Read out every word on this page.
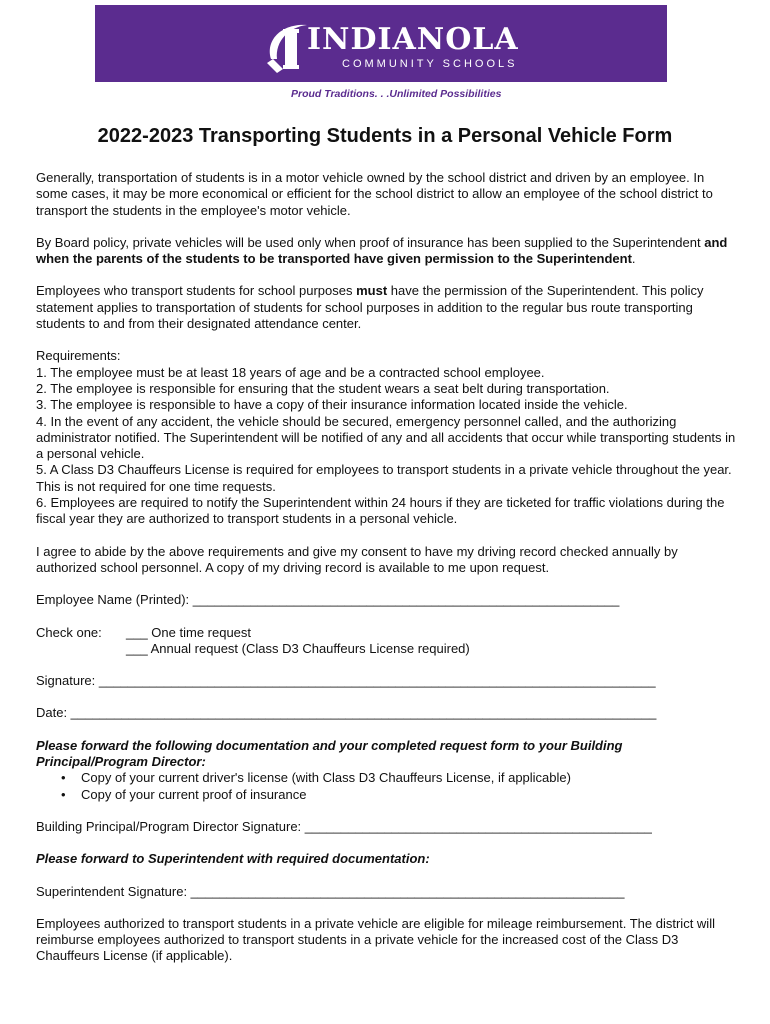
INDIANOLA
COMMUNITY SCHOOLS
Proud Traditions. . .Unlimited Possibilities
2022-2023 Transporting Students in a Personal Vehicle Form

Generally, transportation of students is in a motor vehicle owned by the school district and driven by an employee. In some cases, it may be more economical or efficient for the school district to allow an employee of the school district to transport the students in the employee's motor vehicle.

By Board policy, private vehicles will be used only when proof of insurance has been supplied to the Superintendent and when the parents of the students to be transported have given permission to the Superintendent.

Employees who transport students for school purposes must have the permission of the Superintendent. This policy statement applies to transportation of students for school purposes in addition to the regular bus route transporting students to and from their designated attendance center.

Requirements:
1. The employee must be at least 18 years of age and be a contracted school employee.
2. The employee is responsible for ensuring that the student wears a seat belt during transportation.
3. The employee is responsible to have a copy of their insurance information located inside the vehicle.
4. In the event of any accident, the vehicle should be secured, emergency personnel called, and the authorizing administrator notified. The Superintendent will be notified of any and all accidents that occur while transporting students in a personal vehicle.
5. A Class D3 Chauffeurs License is required for employees to transport students in a private vehicle throughout the year. This is not required for one time requests.
6. Employees are required to notify the Superintendent within 24 hours if they are ticketed for traffic violations during the fiscal year they are authorized to transport students in a personal vehicle.

I agree to abide by the above requirements and give my consent to have my driving record checked annually by authorized school personnel. A copy of my driving record is available to me upon request.

Employee Name (Printed): ___________________________________________________________

Check one:	___ One time request
___ Annual request (Class D3 Chauffeurs License required)

Signature: _____________________________________________________________________________

Date: _________________________________________________________________________________

Please forward the following documentation and your completed request form to your Building Principal/Program Director:
• Copy of your current driver's license (with Class D3 Chauffeurs License, if applicable)
• Copy of your current proof of insurance

Building Principal/Program Director Signature: ________________________________________________

Please forward to Superintendent with required documentation:

Superintendent Signature: ____________________________________________________________

Employees authorized to transport students in a private vehicle are eligible for mileage reimbursement. The district will reimburse employees authorized to transport students in a private vehicle for the increased cost of the Class D3 Chauffeurs License (if applicable).
